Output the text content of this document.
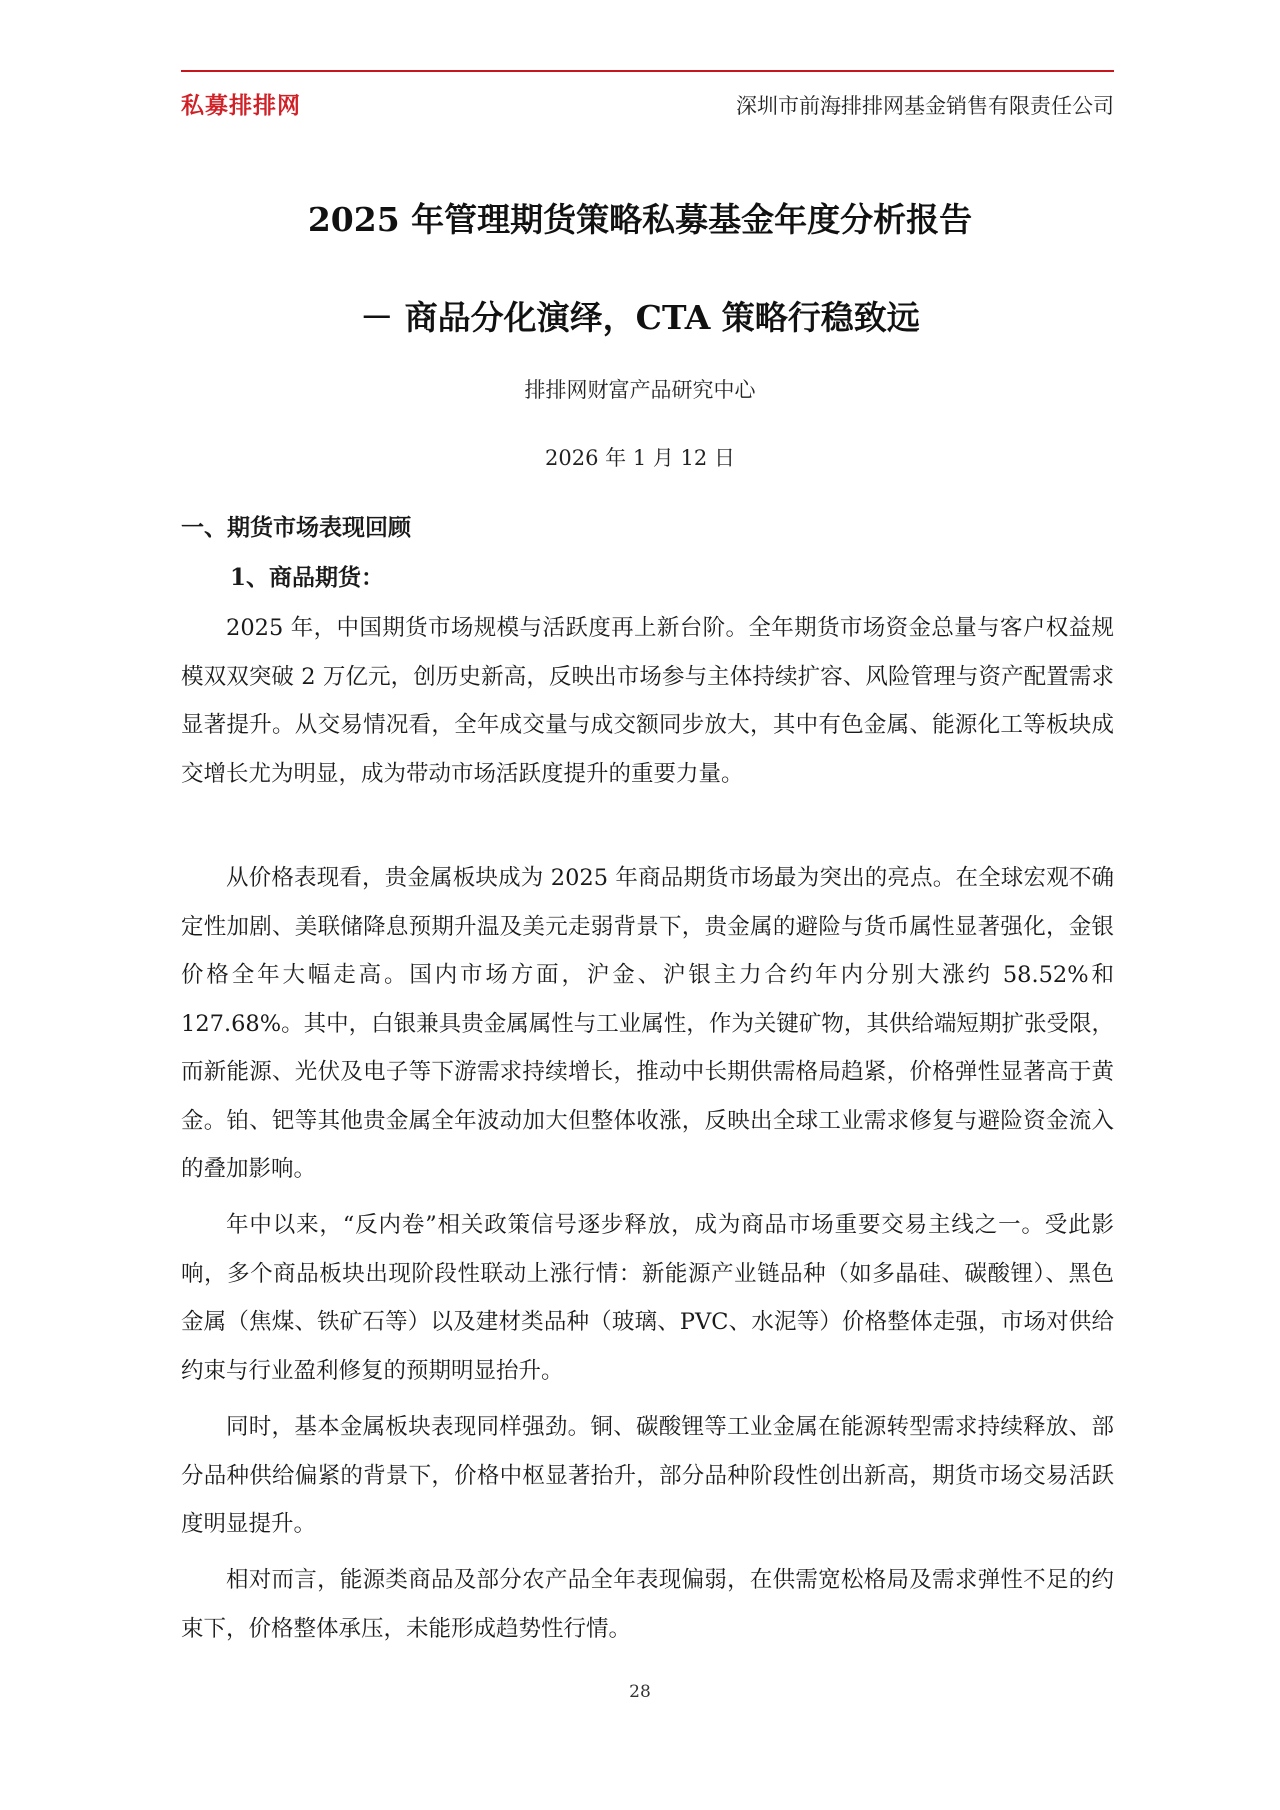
私募排排网	深圳市前海排排网基金销售有限责任公司
2025 年管理期货策略私募基金年度分析报告
－ 商品分化演绎，CTA 策略行稳致远
排排网财富产品研究中心
2026 年 1 月 12 日
一、期货市场表现回顾
1、商品期货：

2025 年，中国期货市场规模与活跃度再上新台阶。全年期货市场资金总量与客户权益规模双双突破 2 万亿元，创历史新高，反映出市场参与主体持续扩容、风险管理与资产配置需求显著提升。从交易情况看，全年成交量与成交额同步放大，其中有色金属、能源化工等板块成交增长尤为明显，成为带动市场活跃度提升的重要力量。

从价格表现看，贵金属板块成为 2025 年商品期货市场最为突出的亮点。在全球宏观不确定性加剧、美联储降息预期升温及美元走弱背景下，贵金属的避险与货币属性显著强化，金银价格全年大幅走高。国内市场方面，沪金、沪银主力合约年内分别大涨约 58.52%和 127.68%。其中，白银兼具贵金属属性与工业属性，作为关键矿物，其供给端短期扩张受限，而新能源、光伏及电子等下游需求持续增长，推动中长期供需格局趋紧，价格弹性显著高于黄金。铂、钯等其他贵金属全年波动加大但整体收涨，反映出全球工业需求修复与避险资金流入的叠加影响。

年中以来，“反内卷”相关政策信号逐步释放，成为商品市场重要交易主线之一。受此影响，多个商品板块出现阶段性联动上涨行情：新能源产业链品种（如多晶硅、碳酸锂）、黑色金属（焦煤、铁矿石等）以及建材类品种（玻璃、PVC、水泥等）价格整体走强，市场对供给约束与行业盈利修复的预期明显抬升。

同时，基本金属板块表现同样强劲。铜、碳酸锂等工业金属在能源转型需求持续释放、部分品种供给偏紧的背景下，价格中枢显著抬升，部分品种阶段性创出新高，期货市场交易活跃度明显提升。

相对而言，能源类商品及部分农产品全年表现偏弱，在供需宽松格局及需求弹性不足的约束下，价格整体承压，未能形成趋势性行情。

28
